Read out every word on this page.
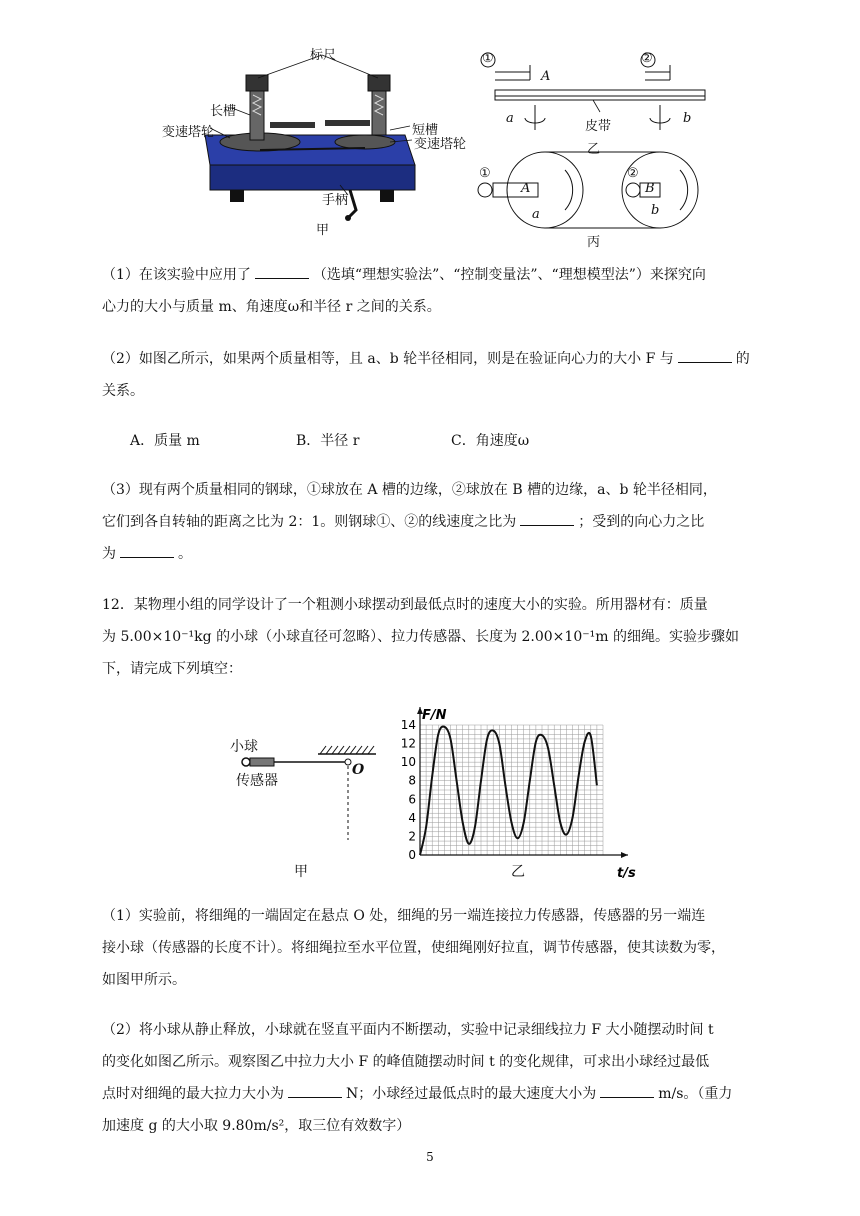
标尺
长槽
变速塔轮	短槽
变速塔轮
手柄
甲
①	②
A
a	b
皮带
乙
①	②
A	B
a	b
丙
（1）在该实验中应用了	（选填“理想实验法”、“控制变量法”、“理想模型法”）来探究向
心力的大小与质量 m、角速度ω和半径 r 之间的关系。
（2）如图乙所示，如果两个质量相等，且 a、b 轮半径相同，则是在验证向心力的大小 F 与	的
关系。
A．质量 m	B．半径 r	C．角速度ω
（3）现有两个质量相同的钢球，①球放在 A 槽的边缘，②球放在 B 槽的边缘，a、b 轮半径相同，
它们到各自转轴的距离之比为 2：1。则钢球①、②的线速度之比为	；受到的向心力之比
为	。
12．某物理小组的同学设计了一个粗测小球摆动到最低点时的速度大小的实验。所用器材有：质量
为 5.00×10⁻¹kg 的小球（小球直径可忽略）、拉力传感器、长度为 2.00×10⁻¹m 的细绳。实验步骤如
下，请完成下列填空：
小球
传感器
O
甲
14
12
10
8
6
4
2
0
F/N
t/s
乙
（1）实验前，将细绳的一端固定在悬点 O 处，细绳的另一端连接拉力传感器，传感器的另一端连
接小球（传感器的长度不计）。将细绳拉至水平位置，使细绳刚好拉直，调节传感器，使其读数为零，
如图甲所示。
（2）将小球从静止释放，小球就在竖直平面内不断摆动，实验中记录细线拉力 F 大小随摆动时间 t
的变化如图乙所示。观察图乙中拉力大小 F 的峰值随摆动时间 t 的变化规律，可求出小球经过最低
点时对细绳的最大拉力大小为	N；小球经过最低点时的最大速度大小为	m/s。（重力
加速度 g 的大小取 9.80m/s²，取三位有效数字）
5
